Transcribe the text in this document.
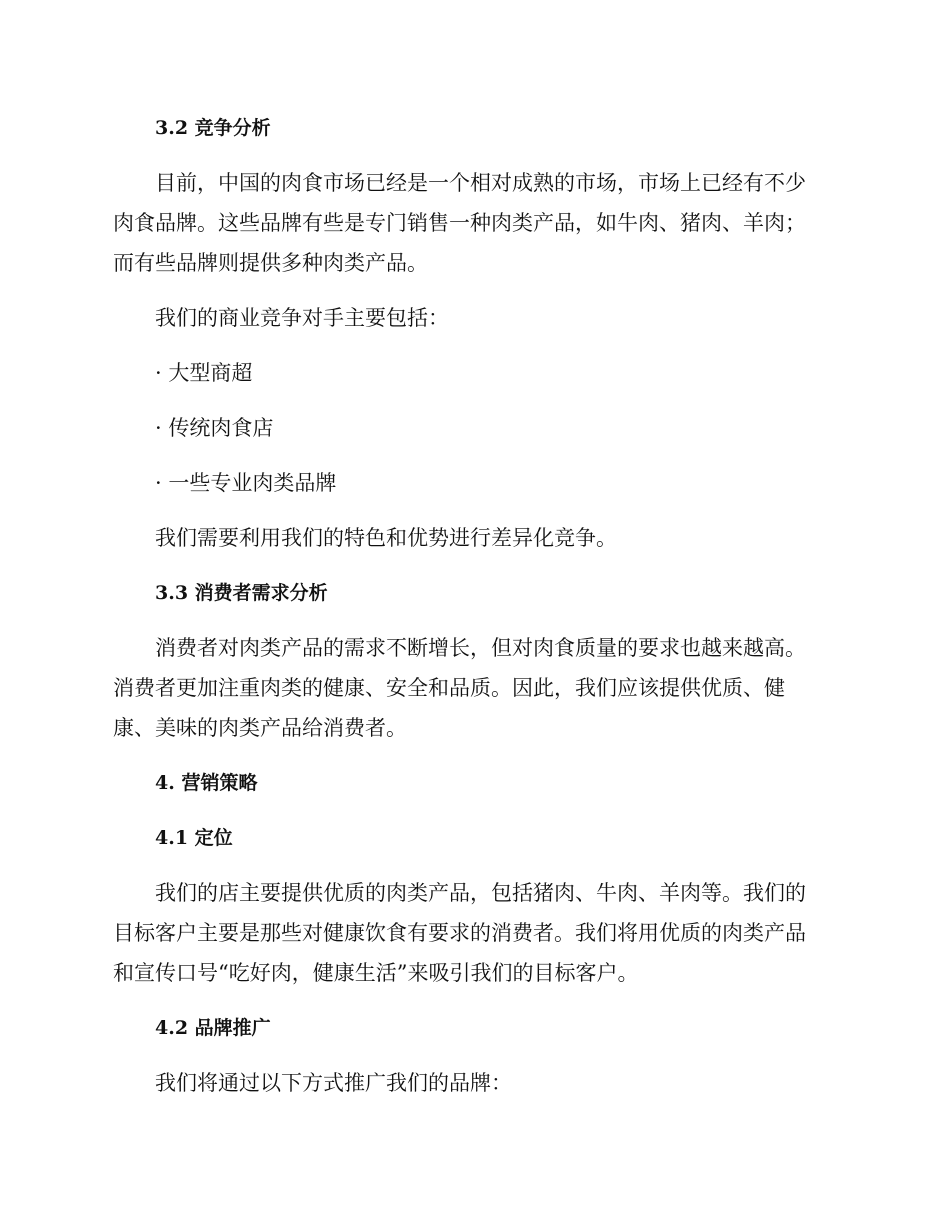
3.2 竞争分析
目前，中国的肉食市场已经是一个相对成熟的市场，市场上已经有不少
肉食品牌。这些品牌有些是专门销售一种肉类产品，如牛肉、猪肉、羊肉；
而有些品牌则提供多种肉类产品。
我们的商业竞争对手主要包括：
· 大型商超
· 传统肉食店
· 一些专业肉类品牌
我们需要利用我们的特色和优势进行差异化竞争。
3.3 消费者需求分析
消费者对肉类产品的需求不断增长，但对肉食质量的要求也越来越高。
消费者更加注重肉类的健康、安全和品质。因此，我们应该提供优质、健
康、美味的肉类产品给消费者。
4. 营销策略
4.1 定位
我们的店主要提供优质的肉类产品，包括猪肉、牛肉、羊肉等。我们的
目标客户主要是那些对健康饮食有要求的消费者。我们将用优质的肉类产品
和宣传口号“吃好肉，健康生活”来吸引我们的目标客户。
4.2 品牌推广
我们将通过以下方式推广我们的品牌：
